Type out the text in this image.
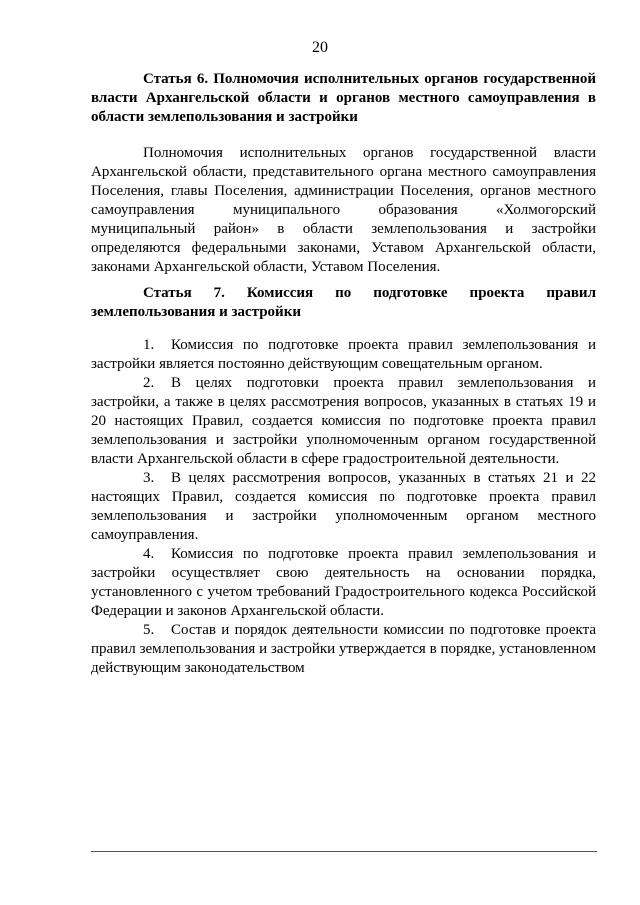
20

Статья 6. Полномочия исполнительных органов государственной власти Архангельской области и органов местного самоуправления в области землепользования и застройки

Полномочия исполнительных органов государственной власти Архангельской области, представительного органа местного самоуправления Поселения, главы Поселения, администрации Поселения, органов местного самоуправления муниципального образования «Холмогорский муниципальный район» в области землепользования и застройки определяются федеральными законами, Уставом Архангельской области, законами Архангельской области, Уставом Поселения.

Статья 7. Комиссия по подготовке проекта правил землепользования и застройки

1. Комиссия по подготовке проекта правил землепользования и застройки является постоянно действующим совещательным органом.

2. В целях подготовки проекта правил землепользования и застройки, а также в целях рассмотрения вопросов, указанных в статьях 19 и 20 настоящих Правил, создается комиссия по подготовке проекта правил землепользования и застройки уполномоченным органом государственной власти Архангельской области в сфере градостроительной деятельности.

3. В целях рассмотрения вопросов, указанных в статьях 21 и 22 настоящих Правил, создается комиссия по подготовке проекта правил землепользования и застройки уполномоченным органом местного самоуправления.

4. Комиссия по подготовке проекта правил землепользования и застройки осуществляет свою деятельность на основании порядка, установленного с учетом требований Градостроительного кодекса Российской Федерации и законов Архангельской области.

5. Состав и порядок деятельности комиссии по подготовке проекта правил землепользования и застройки утверждается в порядке, установленном действующим законодательством
